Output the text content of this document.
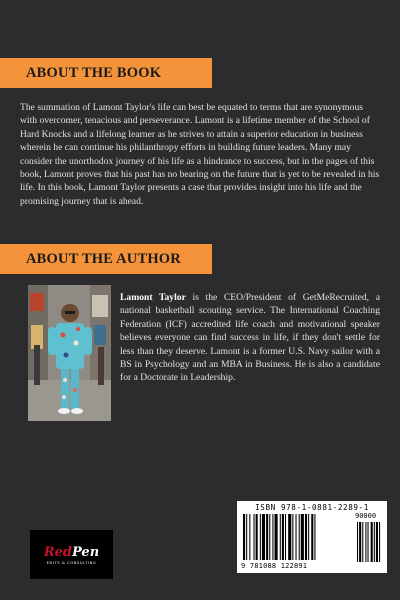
ABOUT THE BOOK
The summation of Lamont Taylor's life can best be equated to terms that are synonymous with overcomer, tenacious and perseverance. Lamont is a lifetime member of the School of Hard Knocks and a lifelong learner as he strives to attain a superior education in business wherein he can continue his philanthropy efforts in building future leaders. Many may consider the unorthodox journey of his life as a hindrance to success, but in the pages of this book, Lamont proves that his past has no bearing on the future that is yet to be revealed in his life. In this book, Lamont Taylor presents a case that provides insight into his life and the promising journey that is ahead.
ABOUT THE AUTHOR
Lamont Taylor is the CEO/President of GetMeRecruited, a national basketball scouting service. The International Coaching Federation (ICF) accredited life coach and motivational speaker believes everyone can find success in life, if they don't settle for less than they deserve. Lamont is a former U.S. Navy sailor with a BS in Psychology and an MBA in Business. He is also a candidate for a Doctorate in Leadership.
ISBN 978-1-0881-2289-1
90000
9 781088 122891
RedPen
EDITS & CONSULTING
